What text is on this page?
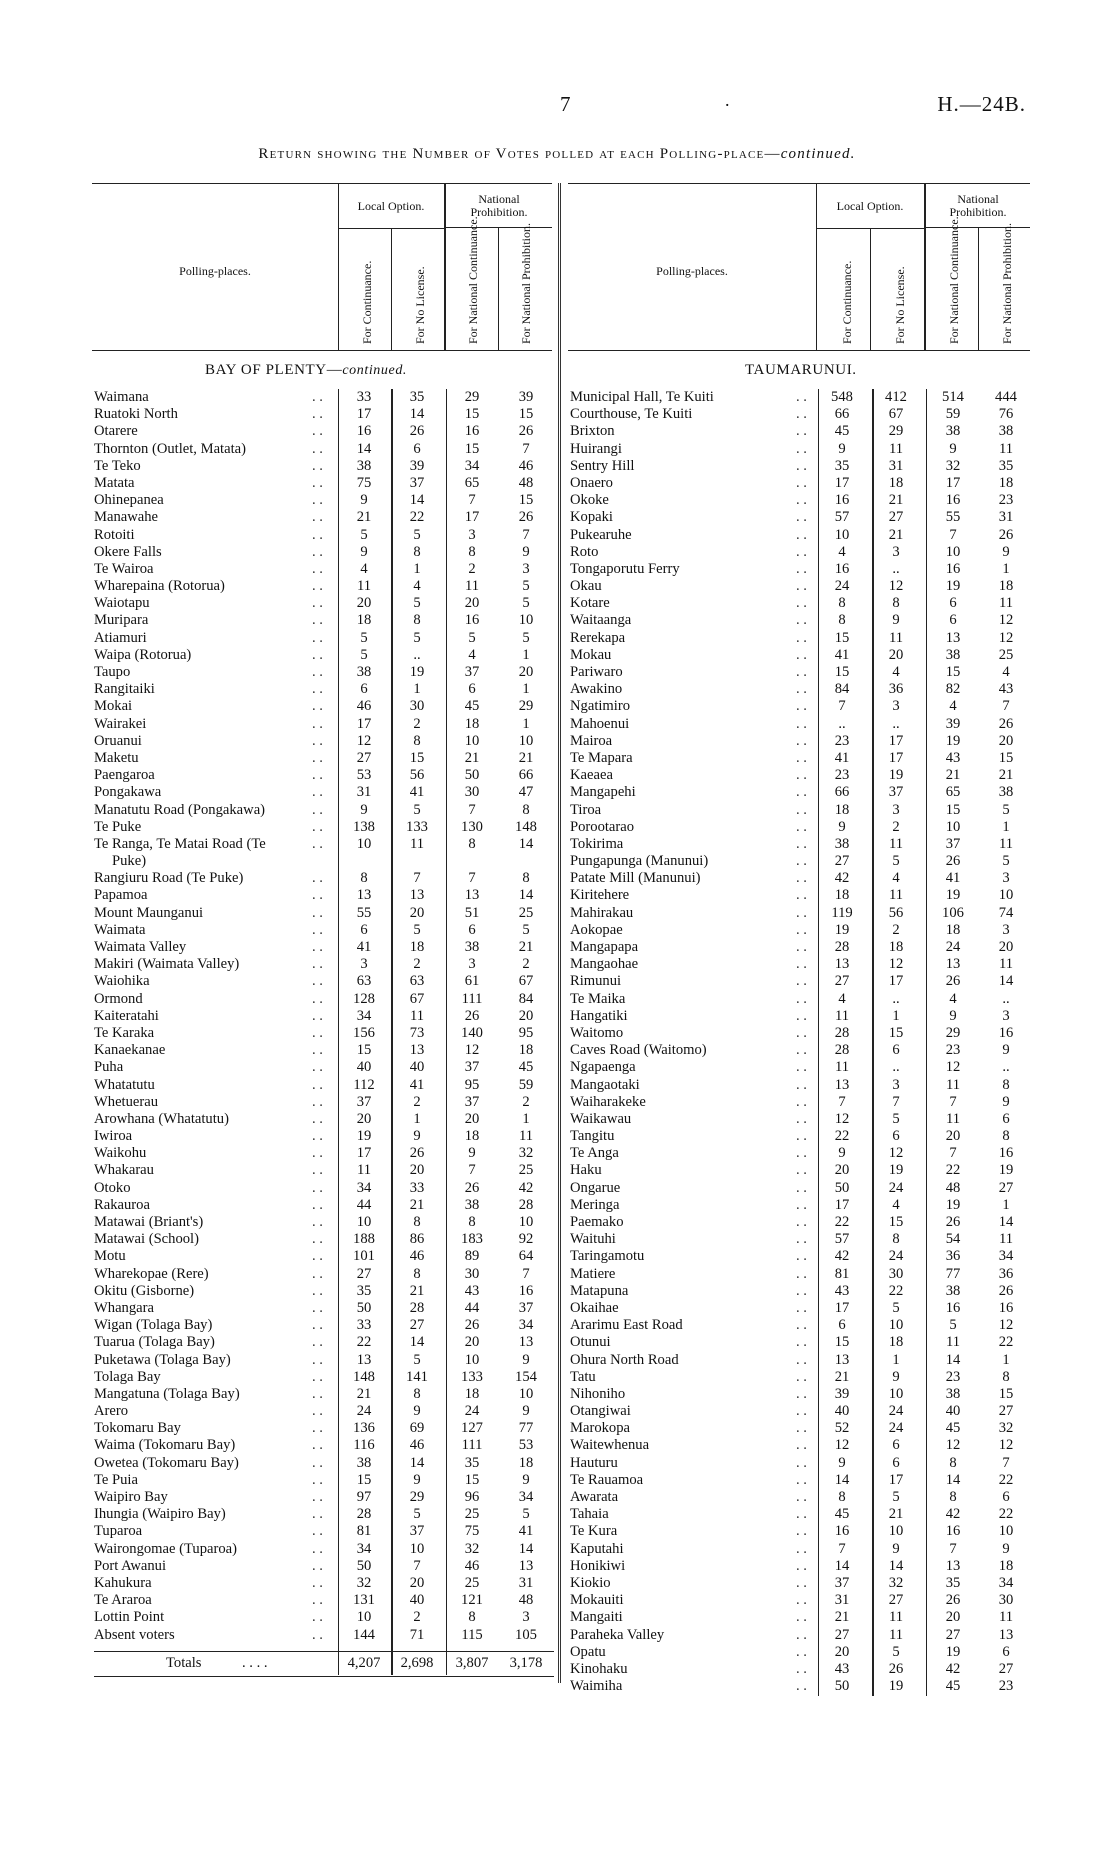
7	.	H.—24B.
Return showing the Number of Votes polled at each Polling-place—continued.
Polling-places.
Local Option.	National Prohibition.
For Continuance.	For No License.	For National Continuance.	For National Prohibition.	Polling-places.
Local Option.	National Prohibition.
For Continuance.	For No License.	For National Continuance.	For National Prohibition.
BAY OF PLENTY—continued.	TAUMARUNUI.
Waimana	. .	33	35	29	39
Ruatoki North	. .	17	14	15	15
Otarere	. .	16	26	16	26
Thornton (Outlet, Matata)	. .	14	6	15	7
Te Teko	. .	38	39	34	46
Matata	. .	75	37	65	48
Ohinepanea	. .	9	14	7	15
Manawahe	. .	21	22	17	26
Rotoiti	. .	5	5	3	7
Okere Falls	. .	9	8	8	9
Te Wairoa	. .	4	1	2	3
Wharepaina (Rotorua)	. .	11	4	11	5
Waiotapu	. .	20	5	20	5
Muripara	. .	18	8	16	10
Atiamuri	. .	5	5	5	5
Waipa (Rotorua)	. .	5	..	4	1
Taupo	. .	38	19	37	20
Rangitaiki	. .	6	1	6	1
Mokai	. .	46	30	45	29
Wairakei	. .	17	2	18	1
Oruanui	. .	12	8	10	10
Maketu	. .	27	15	21	21
Paengaroa	. .	53	56	50	66
Pongakawa	. .	31	41	30	47
Manatutu Road (Pongakawa)	. .	9	5	7	8
Te Puke	. .	138	133	130	148
Te Ranga, Te Matai Road (Te	. .	10	11	8	14
Puke)
Rangiuru Road (Te Puke)	. .	8	7	7	8
Papamoa	. .	13	13	13	14
Mount Maunganui	. .	55	20	51	25
Waimata	. .	6	5	6	5
Waimata Valley	. .	41	18	38	21
Makiri (Waimata Valley)	. .	3	2	3	2
Waiohika	. .	63	63	61	67
Ormond	. .	128	67	111	84
Kaiteratahi	. .	34	11	26	20
Te Karaka	. .	156	73	140	95
Kanaekanae	. .	15	13	12	18
Puha	. .	40	40	37	45
Whatatutu	. .	112	41	95	59
Whetuerau	. .	37	2	37	2
Arowhana (Whatatutu)	. .	20	1	20	1
Iwiroa	. .	19	9	18	11
Waikohu	. .	17	26	9	32
Whakarau	. .	11	20	7	25
Otoko	. .	34	33	26	42
Rakauroa	. .	44	21	38	28
Matawai (Briant's)	. .	10	8	8	10
Matawai (School)	. .	188	86	183	92
Motu	. .	101	46	89	64
Wharekopae (Rere)	. .	27	8	30	7
Okitu (Gisborne)	. .	35	21	43	16
Whangara	. .	50	28	44	37
Wigan (Tolaga Bay)	. .	33	27	26	34
Tuarua (Tolaga Bay)	. .	22	14	20	13
Puketawa (Tolaga Bay)	. .	13	5	10	9
Tolaga Bay	. .	148	141	133	154
Mangatuna (Tolaga Bay)	. .	21	8	18	10
Arero	. .	24	9	24	9
Tokomaru Bay	. .	136	69	127	77
Waima (Tokomaru Bay)	. .	116	46	111	53
Owetea (Tokomaru Bay)	. .	38	14	35	18
Te Puia	. .	15	9	15	9
Waipiro Bay	. .	97	29	96	34
Ihungia (Waipiro Bay)	. .	28	5	25	5
Tuparoa	. .	81	37	75	41
Wairongomae (Tuparoa)	. .	34	10	32	14
Port Awanui	. .	50	7	46	13
Kahukura	. .	32	20	25	31
Te Araroa	. .	131	40	121	48
Lottin Point	. .	10	2	8	3
Absent voters	. .	144	71	115	105
Municipal Hall, Te Kuiti	. .	548	412	514	444
Courthouse, Te Kuiti	. .	66	67	59	76
Brixton	. .	45	29	38	38
Huirangi	. .	9	11	9	11
Sentry Hill	. .	35	31	32	35
Onaero	. .	17	18	17	18
Okoke	. .	16	21	16	23
Kopaki	. .	57	27	55	31
Pukearuhe	. .	10	21	7	26
Roto	. .	4	3	10	9
Tongaporutu Ferry	. .	16	..	16	1
Okau	. .	24	12	19	18
Kotare	. .	8	8	6	11
Waitaanga	. .	8	9	6	12
Rerekapa	. .	15	11	13	12
Mokau	. .	41	20	38	25
Pariwaro	. .	15	4	15	4
Awakino	. .	84	36	82	43
Ngatimiro	. .	7	3	4	7
Mahoenui	. .	..	..	39	26
Mairoa	. .	23	17	19	20
Te Mapara	. .	41	17	43	15
Kaeaea	. .	23	19	21	21
Mangapehi	. .	66	37	65	38
Tiroa	. .	18	3	15	5
Porootarao	. .	9	2	10	1
Tokirima	. .	38	11	37	11
Pungapunga (Manunui)	. .	27	5	26	5
Patate Mill (Manunui)	. .	42	4	41	3
Kiritehere	. .	18	11	19	10
Mahirakau	. .	119	56	106	74
Aokopae	. .	19	2	18	3
Mangapapa	. .	28	18	24	20
Mangaohae	. .	13	12	13	11
Rimunui	. .	27	17	26	14
Te Maika	. .	4	..	4	..
Hangatiki	. .	11	1	9	3
Waitomo	. .	28	15	29	16
Caves Road (Waitomo)	. .	28	6	23	9
Ngapaenga	. .	11	..	12	..
Mangaotaki	. .	13	3	11	8
Waiharakeke	. .	7	7	7	9
Waikawau	. .	12	5	11	6
Tangitu	. .	22	6	20	8
Te Anga	. .	9	12	7	16
Haku	. .	20	19	22	19
Ongarue	. .	50	24	48	27
Meringa	. .	17	4	19	1
Paemako	. .	22	15	26	14
Waituhi	. .	57	8	54	11
Taringamotu	. .	42	24	36	34
Matiere	. .	81	30	77	36
Matapuna	. .	43	22	38	26
Okaihae	. .	17	5	16	16
Ararimu East Road	. .	6	10	5	12
Otunui	. .	15	18	11	22
Ohura North Road	. .	13	1	14	1
Tatu	. .	21	9	23	8
Nihoniho	. .	39	10	38	15
Otangiwai	. .	40	24	40	27
Marokopa	. .	52	24	45	32
Waitewhenua	. .	12	6	12	12
Hauturu	. .	9	6	8	7
Te Rauamoa	. .	14	17	14	22
Awarata	. .	8	5	8	6
Tahaia	. .	45	21	42	22
Te Kura	. .	16	10	16	10
Kaputahi	. .	7	9	7	9
Honikiwi	. .	14	14	13	18
Kiokio	. .	37	32	35	34
Mokauiti	. .	31	27	26	30
Mangaiti	. .	21	11	20	11
Paraheka Valley	. .	27	11	27	13
Opatu	. .	20	5	19	6
Kinohaku	. .	43	26	42	27
Waimiha	. .	50	19	45	23
Totals	. . . .	4,207	2,698	3,807	3,178
